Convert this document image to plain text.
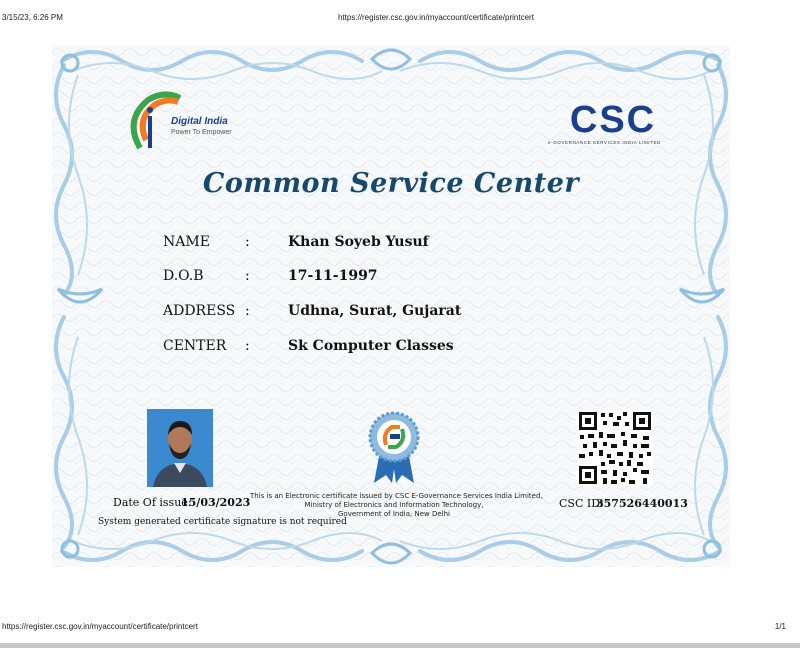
3/15/23, 6:26 PM	https://register.csc.gov.in/myaccount/certificate/printcert
Digital India
Power To Empower	CSC
e-GOVERNANCE SERVICES INDIA LIMITED
Common Service Center
NAME	:	Khan Soyeb Yusuf
D.O.B	:	17-11-1997
ADDRESS :	Udhna, Surat, Gujarat
CENTER :	Sk Computer Classes
Date Of issue:
15/03/2023
System generated certificate signature is not required
This is an Electronic certificate issued by CSC E-Governance Services India Limited,
Ministry of Electronics and Information Technology,
Government of India, New Delhi
CSC ID:
357526440013
https://register.csc.gov.in/myaccount/certificate/printcert	1/1
